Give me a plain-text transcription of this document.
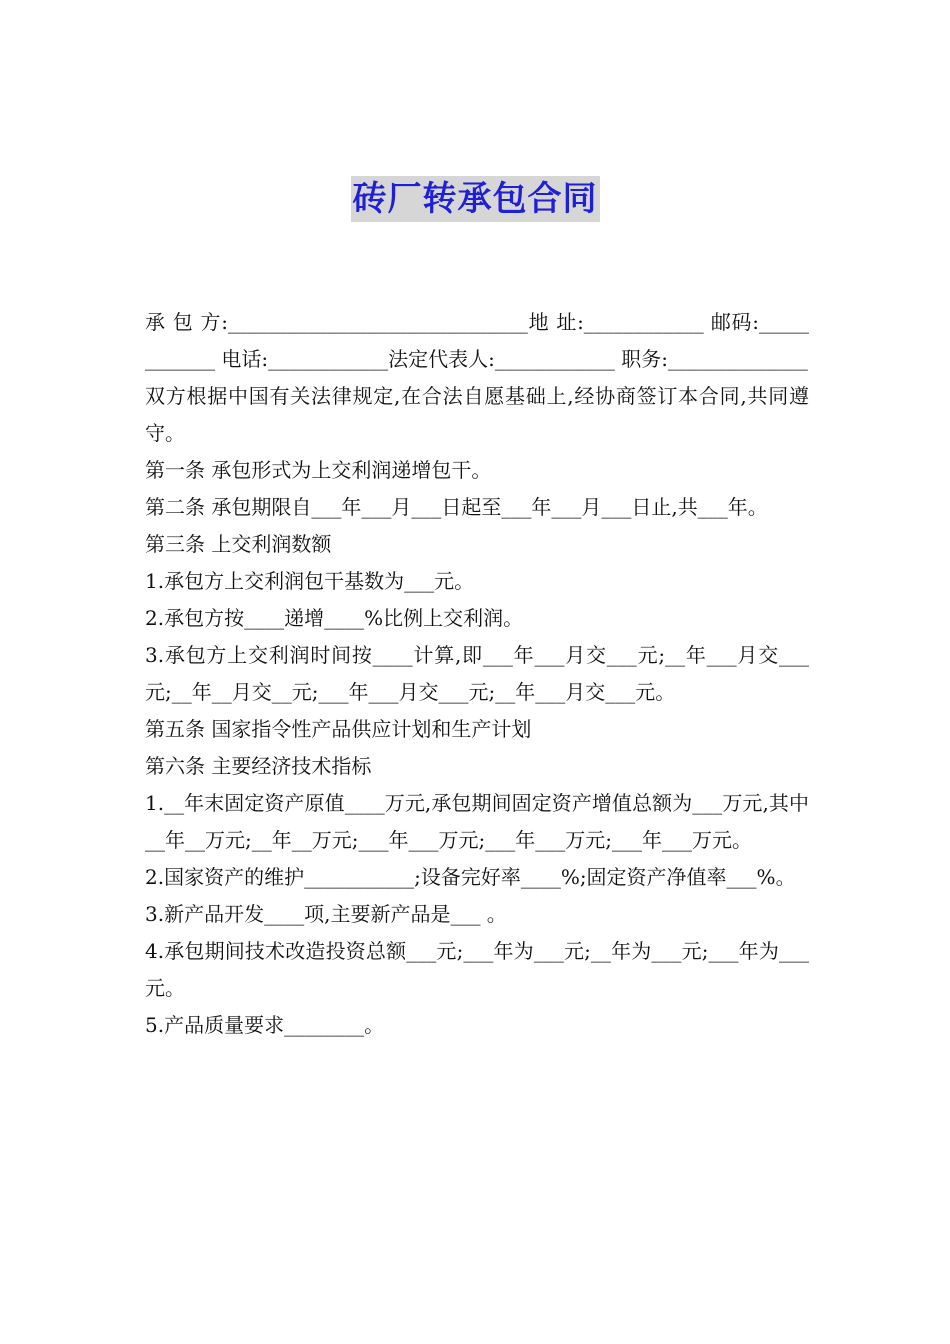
砖厂转承包合同

承 包 方:______________________________地 址:____________ 邮码:____________ 电话:____________法定代表人:____________ 职务:______________

双方根据中国有关法律规定,在合法自愿基础上,经协商签订本合同,共同遵守。

第一条 承包形式为上交利润递增包干。

第二条 承包期限自___年___月___日起至___年___月___日止,共___年。

第三条 上交利润数额

1.承包方上交利润包干基数为___元。

2.承包方按____递增____%比例上交利润。

3.承包方上交利润时间按____计算,即___年___月交___元;__年___月交___元;__年__月交__元;___年___月交___元;__年___月交___元。

第五条 国家指令性产品供应计划和生产计划

第六条 主要经济技术指标

1.__年末固定资产原值____万元,承包期间固定资产增值总额为___万元,其中__年__万元;__年__万元;___年___万元;___年___万元;___年___万元。

2.国家资产的维护___________;设备完好率____%;固定资产净值率___%。

3.新产品开发____项,主要新产品是___ 。

4.承包期间技术改造投资总额___元;___年为___元;__年为___元;___年为___元。

5.产品质量要求________。
